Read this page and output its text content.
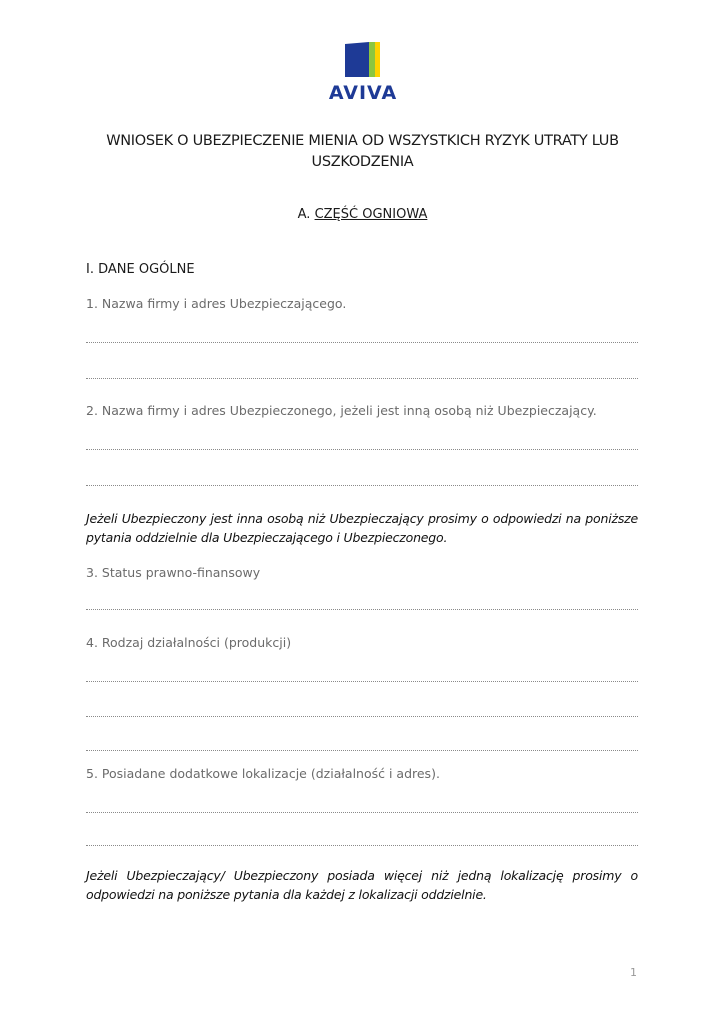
AVIVA
WNIOSEK O UBEZPIECZENIE MIENIA OD WSZYSTKICH RYZYK UTRATY LUB USZKODZENIA
A. CZĘŚĆ OGNIOWA
I. DANE OGÓLNE
1. Nazwa firmy i adres Ubezpieczającego.
2. Nazwa firmy i adres Ubezpieczonego, jeżeli jest inną osobą niż Ubezpieczający.
Jeżeli Ubezpieczony jest inna osobą niż Ubezpieczający prosimy o odpowiedzi na poniższe pytania oddzielnie dla Ubezpieczającego i Ubezpieczonego.
3. Status prawno-finansowy
4. Rodzaj działalności (produkcji)
5. Posiadane dodatkowe lokalizacje (działalność i adres).
Jeżeli Ubezpieczający/ Ubezpieczony posiada więcej niż jedną lokalizację prosimy o odpowiedzi na poniższe pytania dla każdej z lokalizacji oddzielnie.
1
